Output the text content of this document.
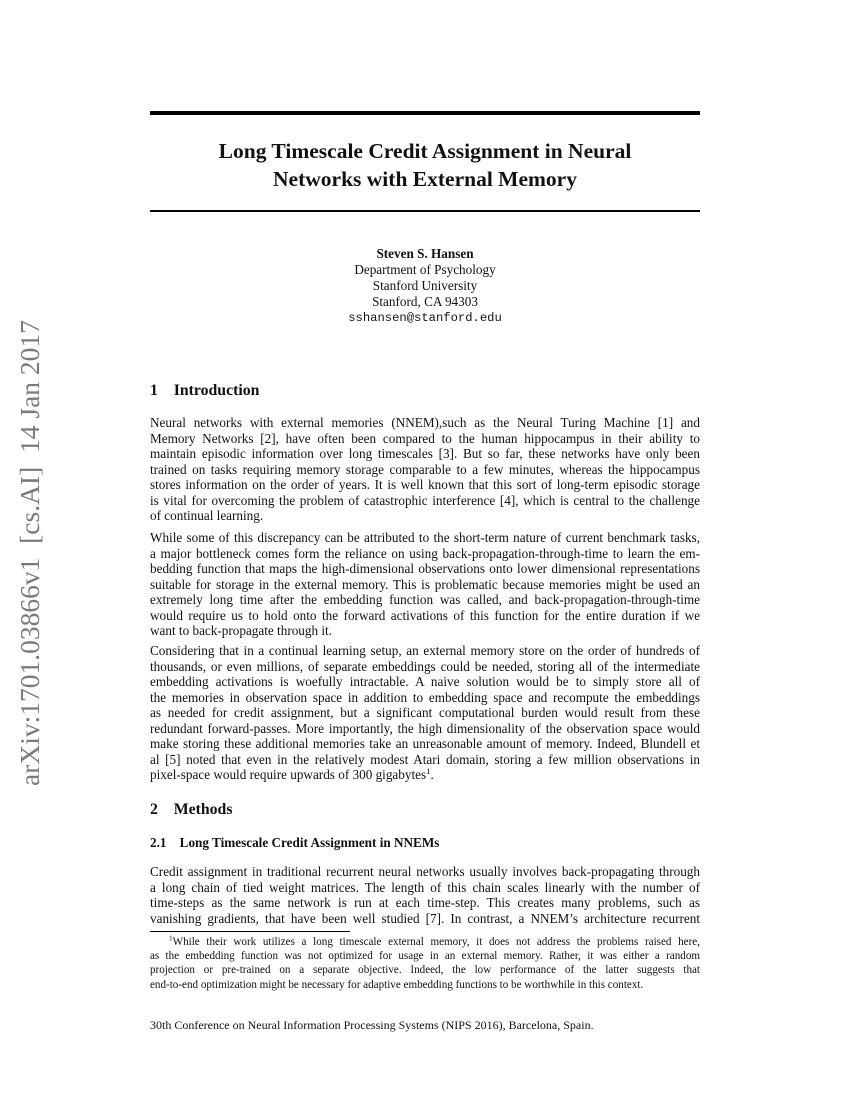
arXiv:1701.03866v1  [cs.AI]  14 Jan 2017
Long Timescale Credit Assignment in Neural
Networks with External Memory
Steven S. Hansen
Department of Psychology
Stanford University
Stanford, CA 94303
sshansen@stanford.edu
1    Introduction
Neural networks with external memories (NNEM),such as the Neural Turing Machine [1] and
Memory Networks [2], have often been compared to the human hippocampus in their ability to
maintain episodic information over long timescales [3]. But so far, these networks have only been
trained on tasks requiring memory storage comparable to a few minutes, whereas the hippocampus
stores information on the order of years. It is well known that this sort of long-term episodic storage
is vital for overcoming the problem of catastrophic interference [4], which is central to the challenge
of continual learning.
While some of this discrepancy can be attributed to the short-term nature of current benchmark tasks,
a major bottleneck comes form the reliance on using back-propagation-through-time to learn the em-
bedding function that maps the high-dimensional observations onto lower dimensional representations
suitable for storage in the external memory. This is problematic because memories might be used an
extremely long time after the embedding function was called, and back-propagation-through-time
would require us to hold onto the forward activations of this function for the entire duration if we
want to back-propagate through it.
Considering that in a continual learning setup, an external memory store on the order of hundreds of
thousands, or even millions, of separate embeddings could be needed, storing all of the intermediate
embedding activations is woefully intractable. A naive solution would be to simply store all of
the memories in observation space in addition to embedding space and recompute the embeddings
as needed for credit assignment, but a significant computational burden would result from these
redundant forward-passes. More importantly, the high dimensionality of the observation space would
make storing these additional memories take an unreasonable amount of memory. Indeed, Blundell et
al [5] noted that even in the relatively modest Atari domain, storing a few million observations in
pixel-space would require upwards of 300 gigabytes$^1$.
2    Methods
2.1    Long Timescale Credit Assignment in NNEMs
Credit assignment in traditional recurrent neural networks usually involves back-propagating through
a long chain of tied weight matrices. The length of this chain scales linearly with the number of
time-steps as the same network is run at each time-step. This creates many problems, such as
vanishing gradients, that have been well studied [7]. In contrast, a NNEM’s architecture recurrent
$^1$While their work utilizes a long timescale external memory, it does not address the problems raised here,
as the embedding function was not optimized for usage in an external memory. Rather, it was either a random
projection or pre-trained on a separate objective. Indeed, the low performance of the latter suggests that
end-to-end optimization might be necessary for adaptive embedding functions to be worthwhile in this context.
30th Conference on Neural Information Processing Systems (NIPS 2016), Barcelona, Spain.
